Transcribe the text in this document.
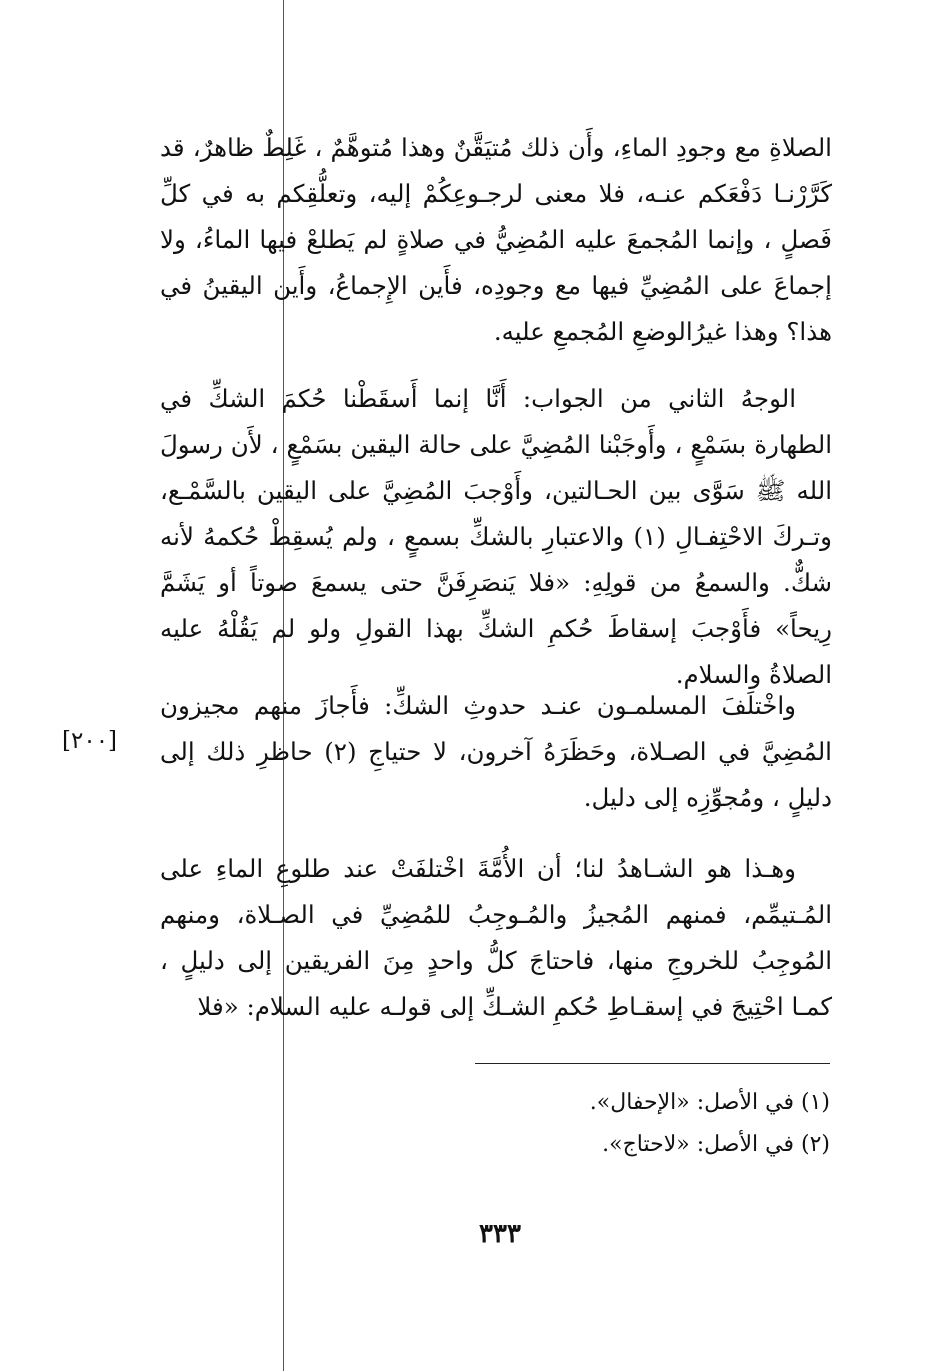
الصلاةِ مع وجودِ الماءِ، وأَن ذلك مُتيَقَّنٌ وهذا مُتوهَّمٌ ، غَلِطٌ ظاهرٌ، قد كَرَّرْنـا دَفْعَكم عنـه، فلا معنى لرجـوعِكُمْ إليه، وتعلُّقِكم به في كلِّ فَصلٍ ، وإنما المُجمعَ عليه المُضِيُّ في صلاةٍ لم يَطلعْ فيها الماءُ، ولا إجماعَ على المُضِيِّ فيها مع وجودِه، فأَين الإِجماعُ، وأَين اليقينُ في هذا؟ وهذا غيرُالوضعِ المُجمعِ عليه.

الوجهُ الثاني من الجواب: أَنَّا إنما أَسقَطْنا حُكمَ الشكِّ في الطهارة بسَمْعٍ ، وأَوجَبْنا المُضِيَّ على حالة اليقين بسَمْعٍ ، لأَن رسولَ الله ﷺ سَوَّى بين الحـالتين، وأَوْجبَ المُضِيَّ على اليقين بالسَّمْـع، وتـركَ الاحْتِفـالِ (١) والاعتبارِ بالشكِّ بسمعٍ ، ولم يُسقِطْ حُكمهُ لأنه شكٌّ. والسمعُ من قولِهِ: «فلا يَنصَرِفَنَّ حتى يسمعَ صوتاً أو يَشَمَّ رِيحاً» فأَوْجبَ إسقاطَ حُكمِ الشكِّ بهذا القولِ ولو لم يَقُلْهُ عليه الصلاةُ والسلام.

واخْتلَفَ المسلمـون عنـد حدوثِ الشكِّ: فأَجازَ منهم مجيزون المُضِيَّ في الصـلاة، وحَظَرَهُ آخرون، لا حتياجِ (٢) حاظرِ ذلك إلى دليلٍ ، ومُجوِّزِه إلى دليل.

وهـذا هو الشـاهدُ لنا؛ أن الأُمَّةَ اخْتلفَتْ عند طلوعِ الماءِ على المُـتيمِّم، فمنهم المُجيزُ والمُـوجِبُ للمُضِيِّ في الصـلاة، ومنهم المُوجِبُ للخروجِ منها، فاحتاجَ كلُّ واحدٍ مِنَ الفريقين إلى دليلٍ ، كمـا احْتِيجَ في إسقـاطِ حُكمِ الشـكِّ إلى قولـه عليه السلام: «فلا

[٢٠٠]

(١) في الأصل: «الإحفال».

(٢) في الأصل: «لاحتاج».

٣٣٣
